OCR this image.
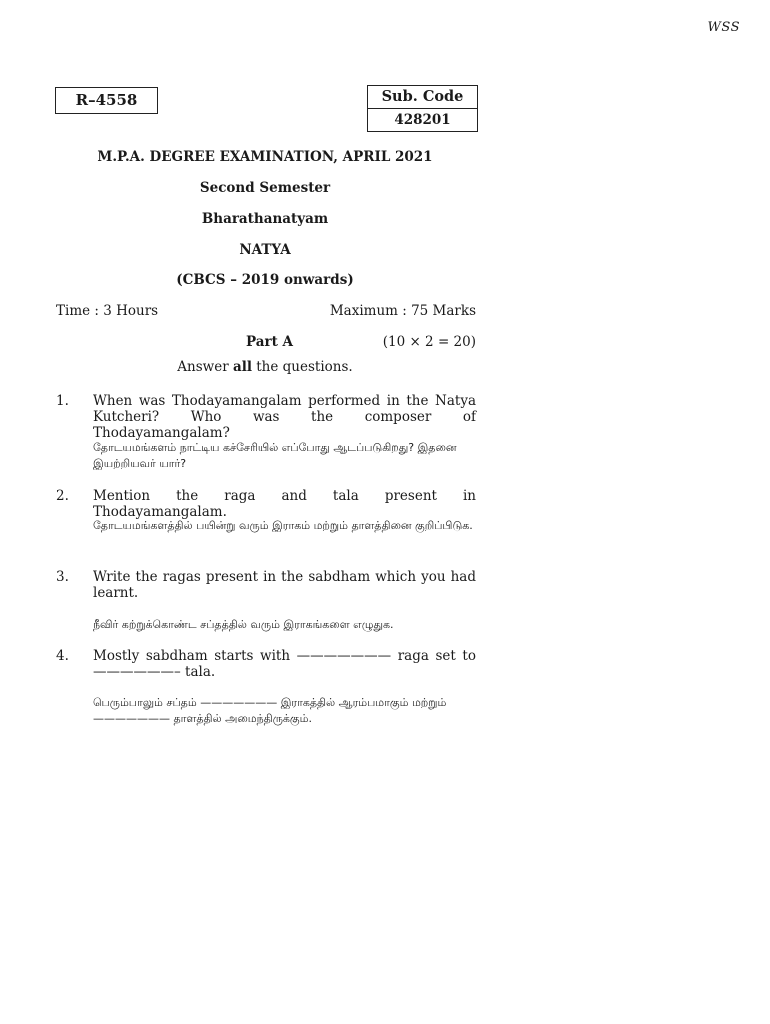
WSS
R–4558	Sub. Code
428201
M.P.A. DEGREE EXAMINATION, APRIL 2021
Second Semester
Bharathanatyam
NATYA
(CBCS – 2019 onwards)
Time : 3 Hours	Maximum : 75 Marks
Part A	(10 × 2 = 20)
Answer all the questions.
1. When was Thodayamangalam performed in the Natya Kutcheri? Who was the composer of Thodayamangalam?
தோடயமங்களம் நாட்டிய கச்சேரியில் எப்போது ஆடப்படுகிறது? இதனை இயற்றியவர் யார்?
2. Mention the raga and tala present in Thodayamangalam.
தோடயமங்களத்தில் பயின்று வரும் இராகம் மற்றும் தாளத்தினை குறிப்பிடுக.
3. Write the ragas present in the sabdham which you had learnt.
நீவிர் கற்றுக்கொண்ட சப்தத்தில் வரும் இராகங்களை எழுதுக.
4. Mostly sabdham starts with ——————— raga set to ——————– tala.
பெரும்பாலும் சப்தம் ——————— இராகத்தில் ஆரம்பமாகும் மற்றும் ——————— தாளத்தில் அமைந்திருக்கும்.
